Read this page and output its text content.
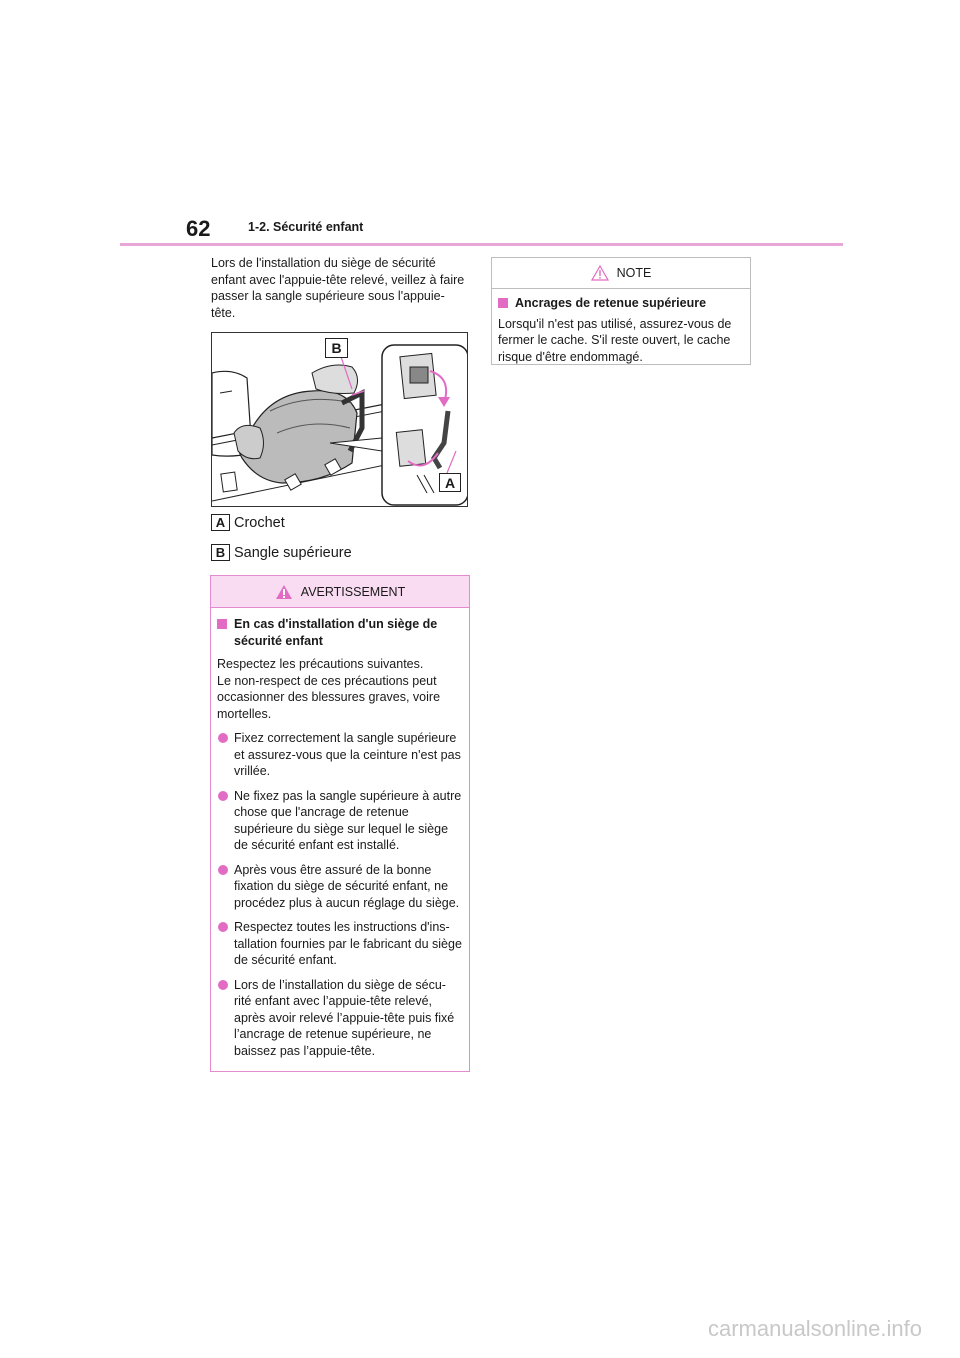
62	1-2. Sécurité enfant
Lors de l'installation du siège de sécurité enfant avec l'appuie-tête relevé, veillez à faire passer la sangle supérieure sous l'appuie-tête.
A
B
A Crochet
B Sangle supérieure
AVERTISSEMENT
En cas d'installation d'un siège de sécurité enfant
Respectez les précautions suivantes.
Le non-respect de ces précautions peut occasionner des blessures graves, voire mortelles.
Fixez correctement la sangle supérieure et assurez-vous que la ceinture n'est pas vrillée.
Ne fixez pas la sangle supérieure à autre chose que l'ancrage de retenue supérieure du siège sur lequel le siège de sécurité enfant est installé.
Après vous être assuré de la bonne fixation du siège de sécurité enfant, ne procédez plus à aucun réglage du siège.
Respectez toutes les instructions d'ins-tallation fournies par le fabricant du siège de sécurité enfant.
Lors de l’installation du siège de sécu-rité enfant avec l’appuie-tête relevé, après avoir relevé l’appuie-tête puis fixé l’ancrage de retenue supérieure, ne baissez pas l’appuie-tête.
NOTE
Ancrages de retenue supérieure
Lorsqu'il n'est pas utilisé, assurez-vous de fermer le cache. S'il reste ouvert, le cache risque d'être endommagé.
carmanualsonline.info
